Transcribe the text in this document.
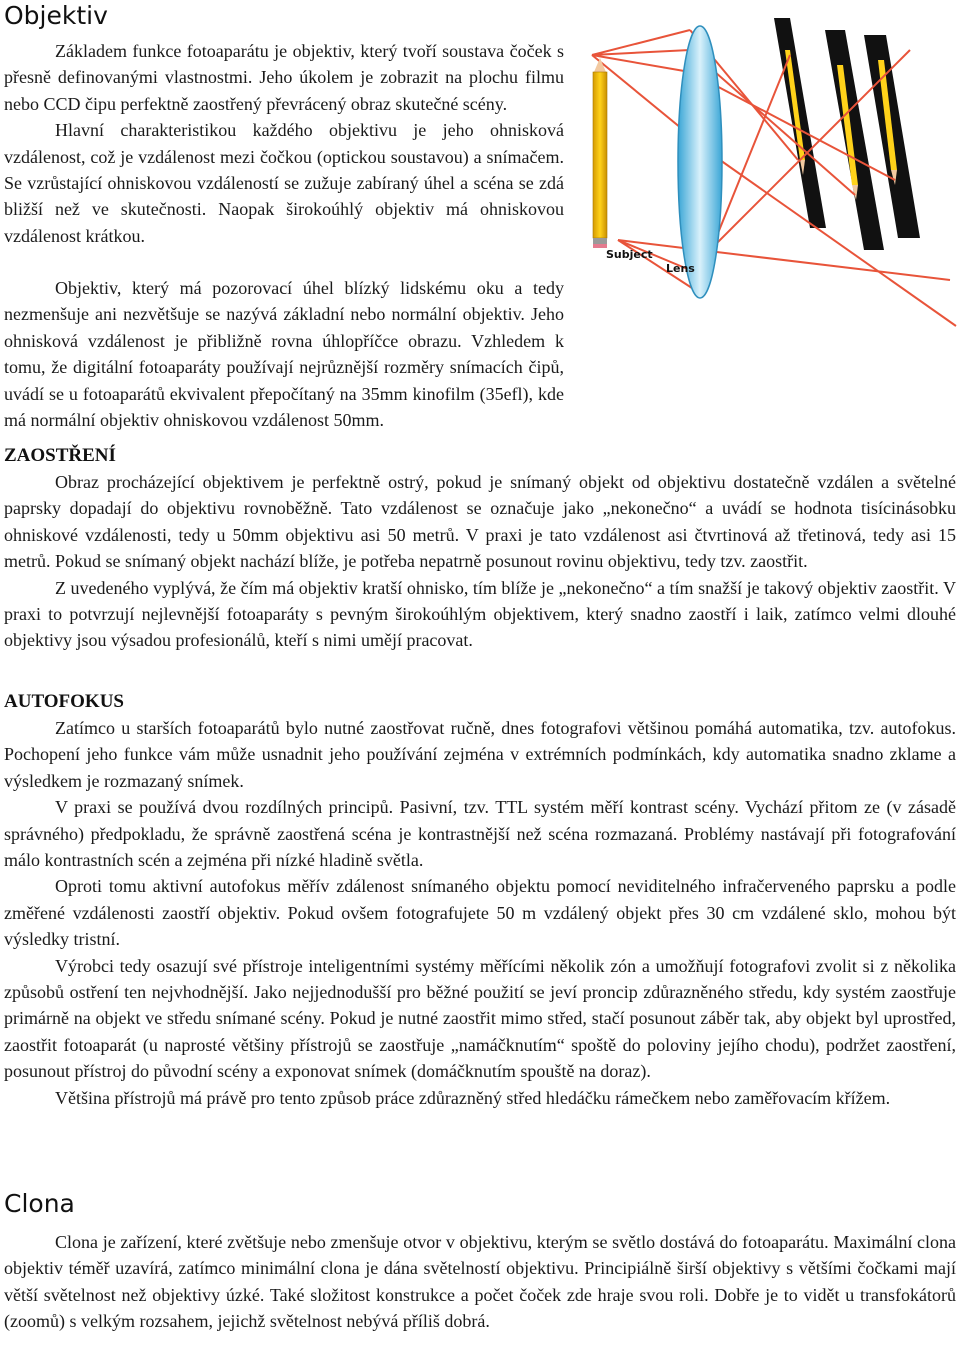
Objektiv
Subject
Lens

Základem funkce fotoaparátu je objektiv, který tvoří soustava čoček s přesně definovanými vlastnostmi. Jeho úkolem je zobrazit na plochu filmu nebo CCD čipu perfektně zaostřený převrácený obraz skutečné scény.

Hlavní charakteristikou každého objektivu je jeho ohnisková vzdálenost, což je vzdálenost mezi čočkou (optickou soustavou) a snímačem. Se vzrůstající ohniskovou vzdáleností se zužuje zabíraný úhel a scéna se zdá bližší než ve skutečnosti. Naopak širokoúhlý objektiv má ohniskovou vzdálenost krátkou.

Objektiv, který má pozorovací úhel blízký lidskému oku a tedy nezmenšuje ani nezvětšuje se nazývá základní nebo normální objektiv. Jeho ohnisková vzdálenost je přibližně rovna úhlopříčce obrazu. Vzhledem k tomu, že digitální fotoaparáty používají nejrůznější rozměry snímacích čipů, uvádí se u fotoaparátů ekvivalent přepočítaný na 35mm kinofilm (35efl), kde má normální objektiv ohniskovou vzdálenost 50mm.

ZAOSTŘENÍ

Obraz procházející objektivem je perfektně ostrý, pokud je snímaný objekt od objektivu dostatečně vzdálen a světelné paprsky dopadají do objektivu rovnoběžně. Tato vzdálenost se označuje jako „nekonečno“ a uvádí se hodnota tisícinásobku ohniskové vzdálenosti, tedy u 50mm objektivu asi 50 metrů. V praxi je tato vzdálenost asi čtvrtinová až třetinová, tedy asi 15 metrů. Pokud se snímaný objekt nachází blíže, je potřeba nepatrně posunout rovinu objektivu, tedy tzv. zaostřit.

Z uvedeného vyplývá, že čím má objektiv kratší ohnisko, tím blíže je „nekonečno“ a tím snažší je takový objektiv zaostřit. V praxi to potvrzují nejlevnější fotoaparáty s pevným širokoúhlým objektivem, který snadno zaostří i laik, zatímco velmi dlouhé objektivy jsou výsadou profesionálů, kteří s nimi umějí pracovat.

AUTOFOKUS

Zatímco u starších fotoaparátů bylo nutné zaostřovat ručně, dnes fotografovi většinou pomáhá automatika, tzv. autofokus. Pochopení jeho funkce vám může usnadnit jeho používání zejména v extrémních podmínkách, kdy automatika snadno zklame a výsledkem je rozmazaný snímek.

V praxi se používá dvou rozdílných principů. Pasivní, tzv. TTL systém měří kontrast scény. Vychází přitom ze (v zásadě správného) předpokladu, že správně zaostřená scéna je kontrastnější než scéna rozmazaná. Problémy nastávají při fotografování málo kontrastních scén a zejména při nízké hladině světla.

Oproti tomu aktivní autofokus měřív zdálenost snímaného objektu pomocí neviditelného infračerveného paprsku a podle změřené vzdálenosti zaostří objektiv. Pokud ovšem fotografujete 50 m vzdálený objekt přes 30 cm vzdálené sklo, mohou být výsledky tristní.

Výrobci tedy osazují své přístroje inteligentními systémy měřícími několik zón a umožňují fotografovi zvolit si z několika způsobů ostření ten nejvhodnější. Jako nejjednodušší pro běžné použití se jeví proncip zdůrazněného středu, kdy systém zaostřuje primárně na objekt ve středu snímané scény. Pokud je nutné zaostřit mimo střed, stačí posunout záběr tak, aby objekt byl uprostřed, zaostřit fotoaparát (u naprosté většiny přístrojů se zaostřuje „namáčknutím“ spoště do poloviny jejího chodu), podržet zaostření, posunout přístroj do původní scény a exponovat snímek (domáčknutím spouště na doraz).

Většina přístrojů má právě pro tento způsob práce zdůrazněný střed hledáčku rámečkem nebo zaměřovacím křížem.

Clona

Clona je zařízení, které zvětšuje nebo zmenšuje otvor v objektivu, kterým se světlo dostává do fotoaparátu. Maximální clona objektiv téměř uzavírá, zatímco minimální clona je dána světelností objektivu. Principiálně širší objektivy s většími čočkami mají větší světelnost než objektivy úzké. Také složitost konstrukce a počet čoček zde hraje svou roli. Dobře je to vidět u transfokátorů (zoomů) s velkým rozsahem, jejichž světelnost nebývá příliš dobrá.
